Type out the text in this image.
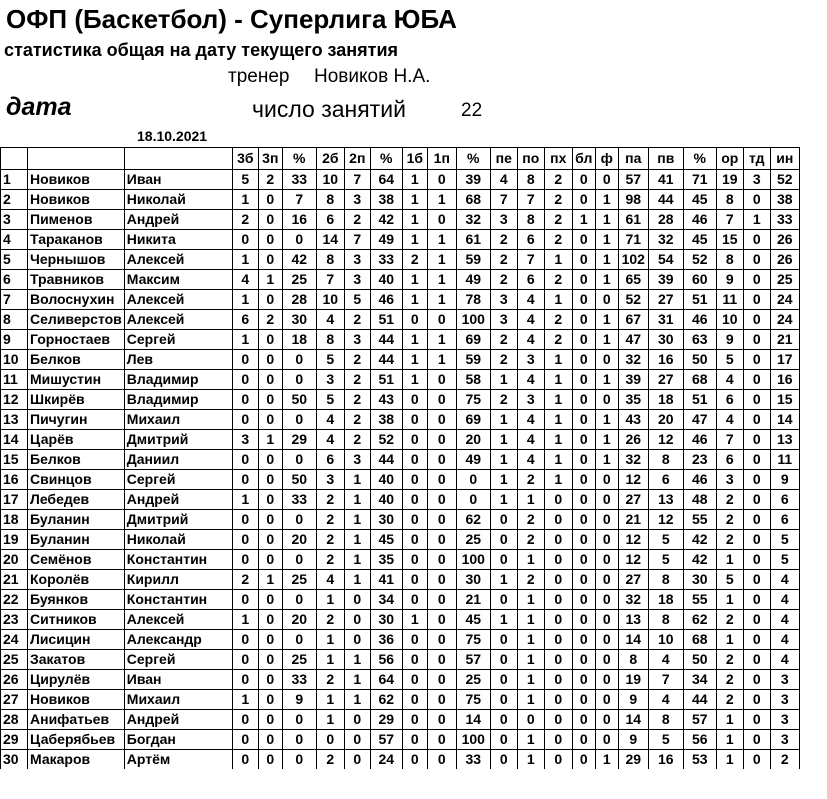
ОФП (Баскетбол) - Суперлига ЮБА
статистика общая на дату текущего занятия
тренер Новиков Н.А.
дата	число занятий	22
18.10.2021
			3б	3п	%	2б	2п	%	1б	1п	%	пе	по	пх	бл	ф	па	пв	%	ор	тд	ин
1	Новиков	Иван	5	2	33	10	7	64	1	0	39	4	8	2	0	0	57	41	71	19	3	52
2	Новиков	Николай	1	0	7	8	3	38	1	1	68	7	7	2	0	1	98	44	45	8	0	38
3	Пименов	Андрей	2	0	16	6	2	42	1	0	32	3	8	2	1	1	61	28	46	7	1	33
4	Тараканов	Никита	0	0	0	14	7	49	1	1	61	2	6	2	0	1	71	32	45	15	0	26
5	Чернышов	Алексей	1	0	42	8	3	33	2	1	59	2	7	1	0	1	102	54	52	8	0	26
6	Травников	Максим	4	1	25	7	3	40	1	1	49	2	6	2	0	1	65	39	60	9	0	25
7	Волоснухин	Алексей	1	0	28	10	5	46	1	1	78	3	4	1	0	0	52	27	51	11	0	24
8	Селиверстов	Алексей	6	2	30	4	2	51	0	0	100	3	4	2	0	1	67	31	46	10	0	24
9	Горностаев	Сергей	1	0	18	8	3	44	1	1	69	2	4	2	0	1	47	30	63	9	0	21
10	Белков	Лев	0	0	0	5	2	44	1	1	59	2	3	1	0	0	32	16	50	5	0	17
11	Мишустин	Владимир	0	0	0	3	2	51	1	0	58	1	4	1	0	1	39	27	68	4	0	16
12	Шкирёв	Владимир	0	0	50	5	2	43	0	0	75	2	3	1	0	0	35	18	51	6	0	15
13	Пичугин	Михаил	0	0	0	4	2	38	0	0	69	1	4	1	0	1	43	20	47	4	0	14
14	Царёв	Дмитрий	3	1	29	4	2	52	0	0	20	1	4	1	0	1	26	12	46	7	0	13
15	Белков	Даниил	0	0	0	6	3	44	0	0	49	1	4	1	0	1	32	8	23	6	0	11
16	Свинцов	Сергей	0	0	50	3	1	40	0	0	0	1	2	1	0	0	12	6	46	3	0	9
17	Лебедев	Андрей	1	0	33	2	1	40	0	0	0	1	1	0	0	0	27	13	48	2	0	6
18	Буланин	Дмитрий	0	0	0	2	1	30	0	0	62	0	2	0	0	0	21	12	55	2	0	6
19	Буланин	Николай	0	0	20	2	1	45	0	0	25	0	2	0	0	0	12	5	42	2	0	5
20	Семёнов	Константин	0	0	0	2	1	35	0	0	100	0	1	0	0	0	12	5	42	1	0	5
21	Королёв	Кирилл	2	1	25	4	1	41	0	0	30	1	2	0	0	0	27	8	30	5	0	4
22	Буянков	Константин	0	0	0	1	0	34	0	0	21	0	1	0	0	0	32	18	55	1	0	4
23	Ситников	Алексей	1	0	20	2	0	30	1	0	45	1	1	0	0	0	13	8	62	2	0	4
24	Лисицин	Александр	0	0	0	1	0	36	0	0	75	0	1	0	0	0	14	10	68	1	0	4
25	Закатов	Сергей	0	0	25	1	1	56	0	0	57	0	1	0	0	0	8	4	50	2	0	4
26	Цирулёв	Иван	0	0	33	2	1	64	0	0	25	0	1	0	0	0	19	7	34	2	0	3
27	Новиков	Михаил	1	0	9	1	1	62	0	0	75	0	1	0	0	0	9	4	44	2	0	3
28	Анифатьев	Андрей	0	0	0	1	0	29	0	0	14	0	0	0	0	0	14	8	57	1	0	3
29	Цаберябьев	Богдан	0	0	0	0	0	57	0	0	100	0	1	0	0	0	9	5	56	1	0	3
30	Макаров	Артём	0	0	0	2	0	24	0	0	33	0	1	0	0	1	29	16	53	1	0	2
